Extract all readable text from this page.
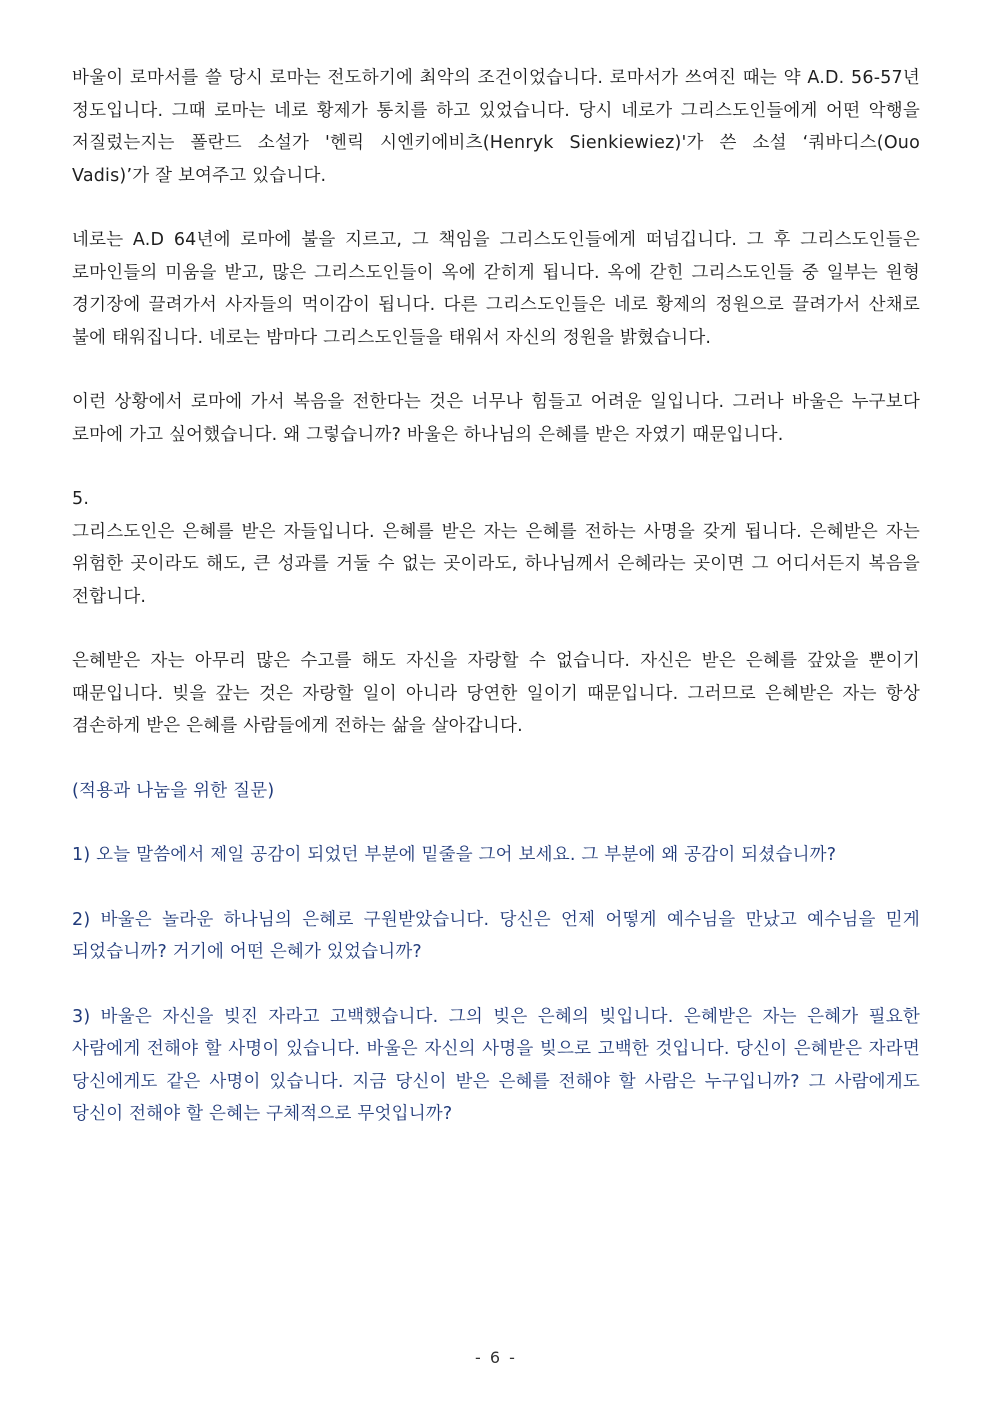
바울이 로마서를 쓸 당시 로마는 전도하기에 최악의 조건이었습니다. 로마서가 쓰여진 때는 약 A.D. 56-57년 정도입니다. 그때 로마는 네로 황제가 통치를 하고 있었습니다. 당시 네로가 그리스도인들에게 어떤 악행을 저질렀는지는 폴란드 소설가 '헨릭 시엔키에비츠(Henryk Sienkiewiez)'가 쓴 소설 ‘쿼바디스(Ouo Vadis)’가 잘 보여주고 있습니다.

네로는 A.D 64년에 로마에 불을 지르고, 그 책임을 그리스도인들에게 떠넘깁니다. 그 후 그리스도인들은 로마인들의 미움을 받고, 많은 그리스도인들이 옥에 갇히게 됩니다. 옥에 갇힌 그리스도인들 중 일부는 원형 경기장에 끌려가서 사자들의 먹이감이 됩니다. 다른 그리스도인들은 네로 황제의 정원으로 끌려가서 산채로 불에 태워집니다. 네로는 밤마다 그리스도인들을 태워서 자신의 정원을 밝혔습니다.

이런 상황에서 로마에 가서 복음을 전한다는 것은 너무나 힘들고 어려운 일입니다. 그러나 바울은 누구보다 로마에 가고 싶어했습니다. 왜 그렇습니까? 바울은 하나님의 은혜를 받은 자였기 때문입니다.

5.

그리스도인은 은혜를 받은 자들입니다. 은혜를 받은 자는 은혜를 전하는 사명을 갖게 됩니다. 은혜받은 자는 위험한 곳이라도 해도, 큰 성과를 거둘 수 없는 곳이라도, 하나님께서 은혜라는 곳이면 그 어디서든지 복음을 전합니다.

은혜받은 자는 아무리 많은 수고를 해도 자신을 자랑할 수 없습니다. 자신은 받은 은혜를 갚았을 뿐이기 때문입니다. 빚을 갚는 것은 자랑할 일이 아니라 당연한 일이기 때문입니다. 그러므로 은혜받은 자는 항상 겸손하게 받은 은혜를 사람들에게 전하는 삶을 살아갑니다.

(적용과 나눔을 위한 질문)

1) 오늘 말씀에서 제일 공감이 되었던 부분에 밑줄을 그어 보세요. 그 부분에 왜 공감이 되셨습니까?

2) 바울은 놀라운 하나님의 은혜로 구원받았습니다. 당신은 언제 어떻게 예수님을 만났고 예수님을 믿게 되었습니까? 거기에 어떤 은혜가 있었습니까?

3) 바울은 자신을 빚진 자라고 고백했습니다. 그의 빚은 은혜의 빚입니다. 은혜받은 자는 은혜가 필요한 사람에게 전해야 할 사명이 있습니다. 바울은 자신의 사명을 빚으로 고백한 것입니다. 당신이 은혜받은 자라면 당신에게도 같은 사명이 있습니다. 지금 당신이 받은 은혜를 전해야 할 사람은 누구입니까? 그 사람에게도 당신이 전해야 할 은혜는 구체적으로 무엇입니까?

- 6 -
